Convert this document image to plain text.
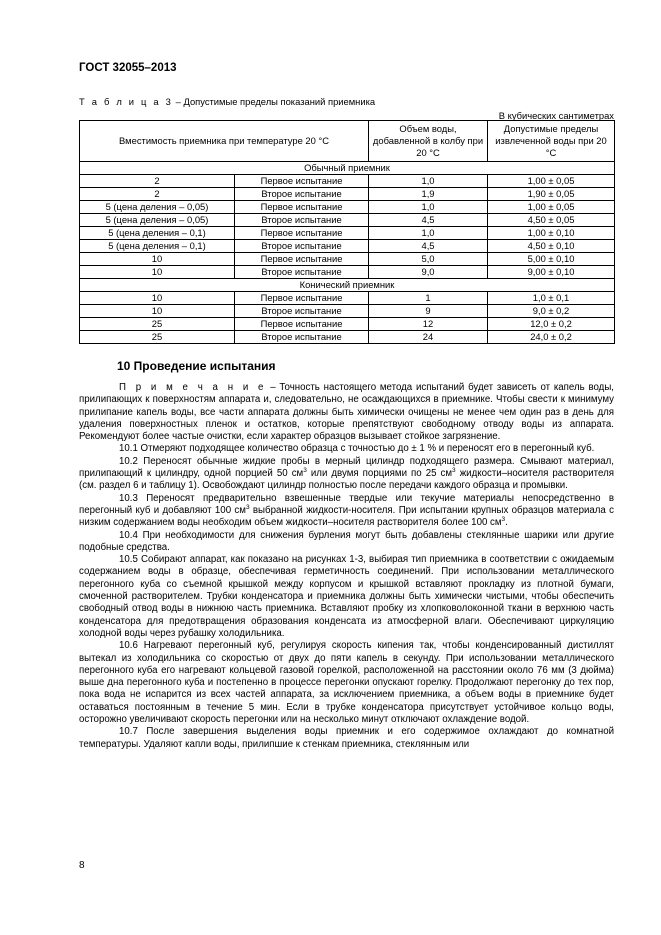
ГОСТ 32055–2013
Т а б л и ц а 3 – Допустимые пределы показаний приемника
В кубических сантиметрах
Вместимость приемника при температуре 20 °С		Объем воды, добавленной в колбу при 20 °С	Допустимые пределы извлеченной воды при 20 °С
Обычный приемник			
2	Первое испытание	1,0	1,00 ± 0,05
2	Второе испытание	1,9	1,90 ± 0,05
5 (цена деления – 0,05)	Первое испытание	1,0	1,00 ± 0,05
5 (цена деления – 0,05)	Второе испытание	4,5	4,50 ± 0,05
5 (цена деления – 0,1)	Первое испытание	1,0	1,00 ± 0,10
5 (цена деления – 0,1)	Второе испытание	4,5	4,50 ± 0,10
10	Первое испытание	5,0	5,00 ± 0,10
10	Второе испытание	9,0	9,00 ± 0,10
Конический приемник			
10	Первое испытание	1	1,0 ± 0,1
10	Второе испытание	9	9,0 ± 0,2
25	Первое испытание	12	12,0 ± 0,2
25	Второе испытание	24	24,0 ± 0,2
10 Проведение испытания

П р и м е ч а н и е – Точность настоящего метода испытаний будет зависеть от капель воды, прилипающих к поверхностям аппарата и, следовательно, не осаждающихся в приемнике. Чтобы свести к минимуму прилипание капель воды, все части аппарата должны быть химически очищены не менее чем один раз в день для удаления поверхностных пленок и остатков, которые препятствуют свободному отводу воды из аппарата. Рекомендуют более частые очистки, если характер образцов вызывает стойкое загрязнение.

10.1 Отмеряют подходящее количество образца с точностью до ± 1 % и переносят его в перегонный куб.

10.2 Переносят обычные жидкие пробы в мерный цилиндр подходящего размера. Смывают материал, прилипающий к цилиндру, одной порцией 50 $см^3$ или двумя порциями по 25 $см^3$ жидкости–носителя растворителя (см. раздел 6 и таблицу 1). Освобождают цилиндр полностью после передачи каждого образца и промывки.

10.3 Переносят предварительно взвешенные твердые или текучие материалы непосредственно в перегонный куб и добавляют 100 $см^3$ выбранной жидкости-носителя. При испытании крупных образцов материала с низким содержанием воды необходим объем жидкости–носителя растворителя более 100 $см^3$.

10.4 При необходимости для снижения бурления могут быть добавлены стеклянные шарики или другие подобные средства.

10.5 Собирают аппарат, как показано на рисунках 1-3, выбирая тип приемника в соответствии с ожидаемым содержанием воды в образце, обеспечивая герметичность соединений. При использовании металлического перегонного куба со съемной крышкой между корпусом и крышкой вставляют прокладку из плотной бумаги, смоченной растворителем. Трубки конденсатора и приемника должны быть химически чистыми, чтобы обеспечить свободный отвод воды в нижнюю часть приемника. Вставляют пробку из хлопковолоконной ткани в верхнюю часть конденсатора для предотвращения образования конденсата из атмосферной влаги. Обеспечивают циркуляцию холодной воды через рубашку холодильника.

10.6 Нагревают перегонный куб, регулируя скорость кипения так, чтобы конденсированный дистиллят вытекал из холодильника со скоростью от двух до пяти капель в секунду. При использовании металлического перегонного куба его нагревают кольцевой газовой горелкой, расположенной на расстоянии около 76 мм (3 дюйма) выше дна перегонного куба и постепенно в процессе перегонки опускают горелку. Продолжают перегонку до тех пор, пока вода не испарится из всех частей аппарата, за исключением приемника, а объем воды в приемнике будет оставаться постоянным в течение 5 мин. Если в трубке конденсатора присутствует устойчивое кольцо воды, осторожно увеличивают скорость перегонки или на несколько минут отключают охлаждение водой.

10.7 После завершения выделения воды приемник и его содержимое охлаждают до комнатной температуры. Удаляют капли воды, прилипшие к стенкам приемника, стеклянным или

8
